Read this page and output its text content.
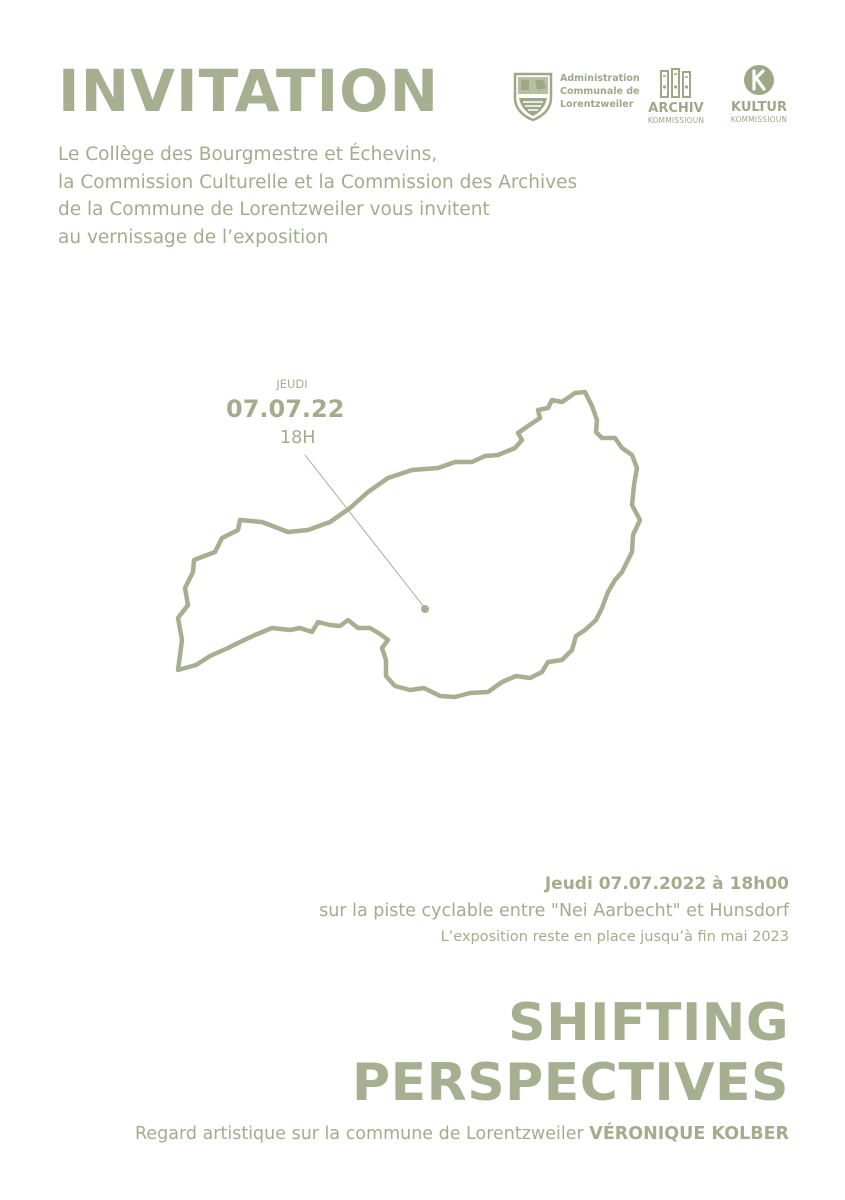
INVITATION
Le Collège des Bourgmestre et Échevins,
la Commission Culturelle et la Commission des Archives
de la Commune de Lorentzweiler vous invitent
au vernissage de l’exposition
Administration
Communale de
Lorentzweiler	ARCHIV
KOMMISSIOUN
KULTUR
KOMMISSIOUN
JEUDI
07.07.22
18H
Jeudi 07.07.2022 à 18h00
sur la piste cyclable entre "Nei Aarbecht" et Hunsdorf
L’exposition reste en place jusqu’à fin mai 2023
SHIFTING
PERSPECTIVES
Regard artistique sur la commune de Lorentzweiler VÉRONIQUE KOLBER
